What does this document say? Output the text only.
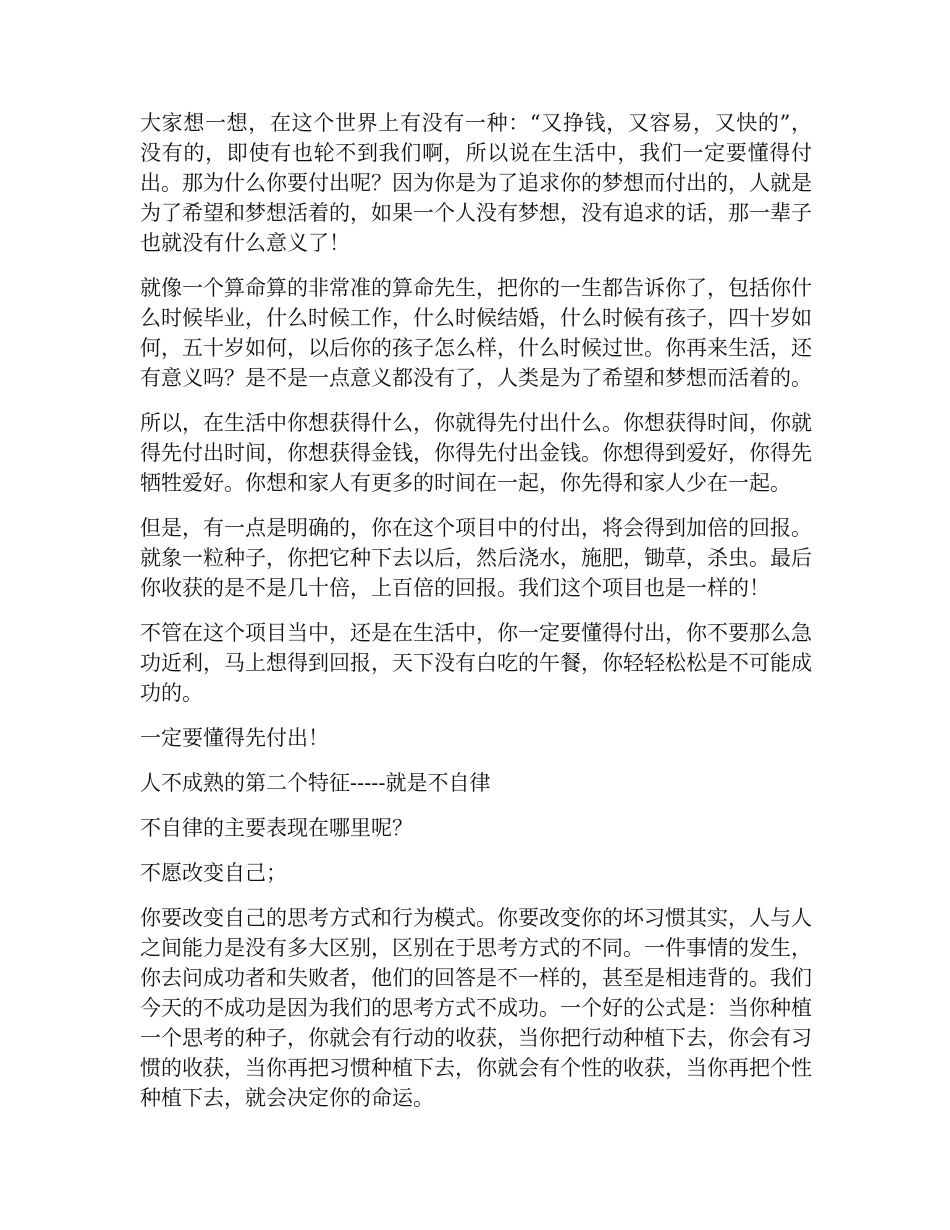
大家想一想，在这个世界上有没有一种：“又挣钱，又容易，又快的”，没有的，即使有也轮不到我们啊，所以说在生活中，我们一定要懂得付出。那为什么你要付出呢？因为你是为了追求你的梦想而付出的，人就是为了希望和梦想活着的，如果一个人没有梦想，没有追求的话，那一辈子也就没有什么意义了！

就像一个算命算的非常准的算命先生，把你的一生都告诉你了，包括你什么时候毕业，什么时候工作，什么时候结婚，什么时候有孩子，四十岁如何，五十岁如何，以后你的孩子怎么样，什么时候过世。你再来生活，还有意义吗？是不是一点意义都没有了，人类是为了希望和梦想而活着的。

所以，在生活中你想获得什么，你就得先付出什么。你想获得时间，你就得先付出时间，你想获得金钱，你得先付出金钱。你想得到爱好，你得先牺牲爱好。你想和家人有更多的时间在一起，你先得和家人少在一起。

但是，有一点是明确的，你在这个项目中的付出，将会得到加倍的回报。就象一粒种子，你把它种下去以后，然后浇水，施肥，锄草，杀虫。最后你收获的是不是几十倍，上百倍的回报。我们这个项目也是一样的！

不管在这个项目当中，还是在生活中，你一定要懂得付出，你不要那么急功近利，马上想得到回报，天下没有白吃的午餐，你轻轻松松是不可能成功的。

一定要懂得先付出！

人不成熟的第二个特征-----就是不自律

不自律的主要表现在哪里呢？

不愿改变自己；

你要改变自己的思考方式和行为模式。你要改变你的坏习惯其实，人与人之间能力是没有多大区别，区别在于思考方式的不同。一件事情的发生，你去问成功者和失败者，他们的回答是不一样的，甚至是相违背的。我们今天的不成功是因为我们的思考方式不成功。一个好的公式是：当你种植一个思考的种子，你就会有行动的收获，当你把行动种植下去，你会有习惯的收获，当你再把习惯种植下去，你就会有个性的收获，当你再把个性种植下去，就会决定你的命运。
